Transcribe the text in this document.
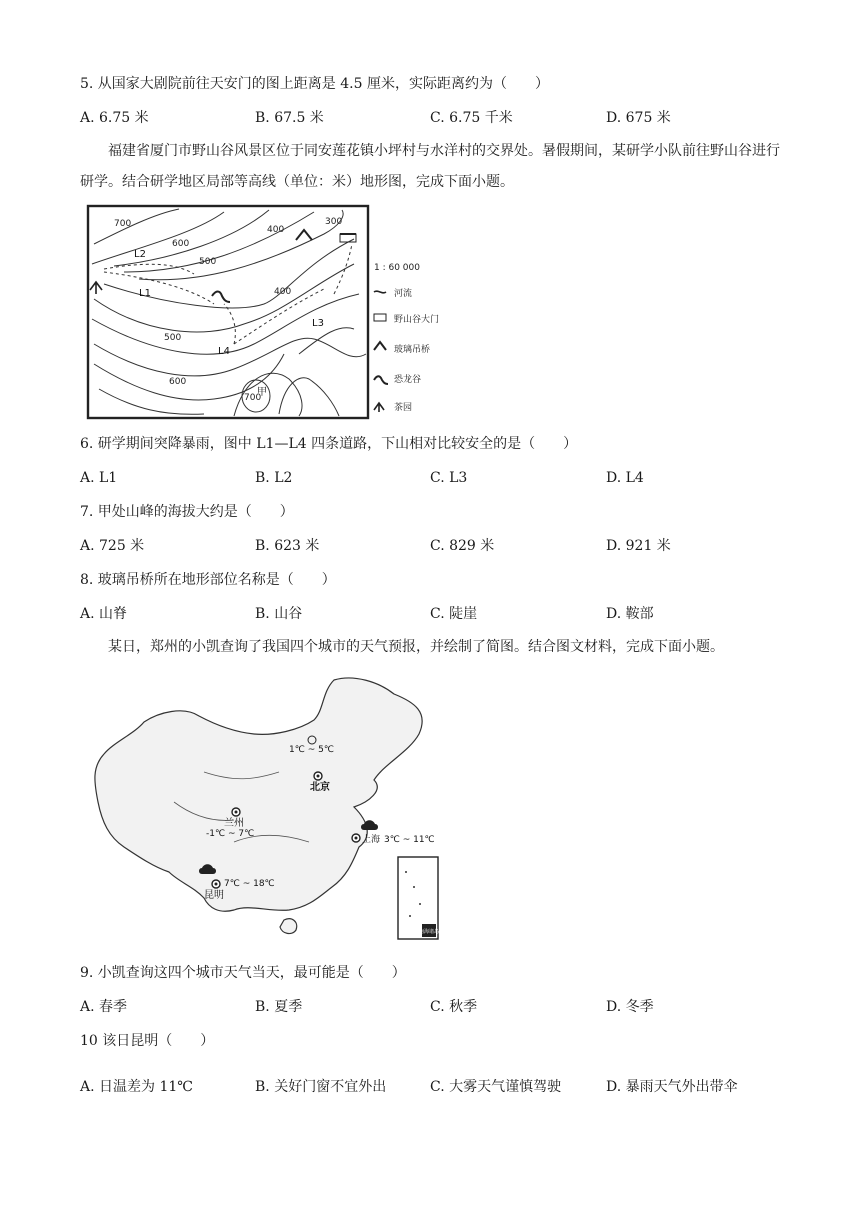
5. 从国家大剧院前往天安门的图上距离是 4.5 厘米，实际距离约为（　　）
A. 6.75 米	B. 67.5 米	C. 6.75 千米	D. 675 米
福建省厦门市野山谷风景区位于同安莲花镇小坪村与水洋村的交界处。暑假期间，某研学小队前往野山谷进行研学。结合研学地区局部等高线（单位：米）地形图，完成下面小题。
700
600
500
400
300
400
500
600
700
L2
L1
L3
L4
甲
1 : 60 000
河流
野山谷大门
玻璃吊桥
恐龙谷
茶园
6. 研学期间突降暴雨，图中 L1—L4 四条道路，下山相对比较安全的是（　　）
A. L1	B. L2	C. L3	D. L4
7. 甲处山峰的海拔大约是（　　）
A. 725 米	B. 623 米	C. 829 米	D. 921 米
8. 玻璃吊桥所在地形部位名称是（　　）
A. 山脊	B. 山谷	C. 陡崖	D. 鞍部
某日，郑州的小凯查询了我国四个城市的天气预报，并绘制了简图。结合图文材料，完成下面小题。
南海诸岛
北京
1℃ ~ 5℃
兰州
-1℃ ~ 7℃
上海 3℃ ~ 11℃
昆明
7℃ ~ 18℃
9. 小凯查询这四个城市天气当天，最可能是（　　）
A. 春季	B. 夏季	C. 秋季	D. 冬季
10 该日昆明（　　）
A. 日温差为 11℃	B. 关好门窗不宜外出	C. 大雾天气谨慎驾驶	D. 暴雨天气外出带伞
